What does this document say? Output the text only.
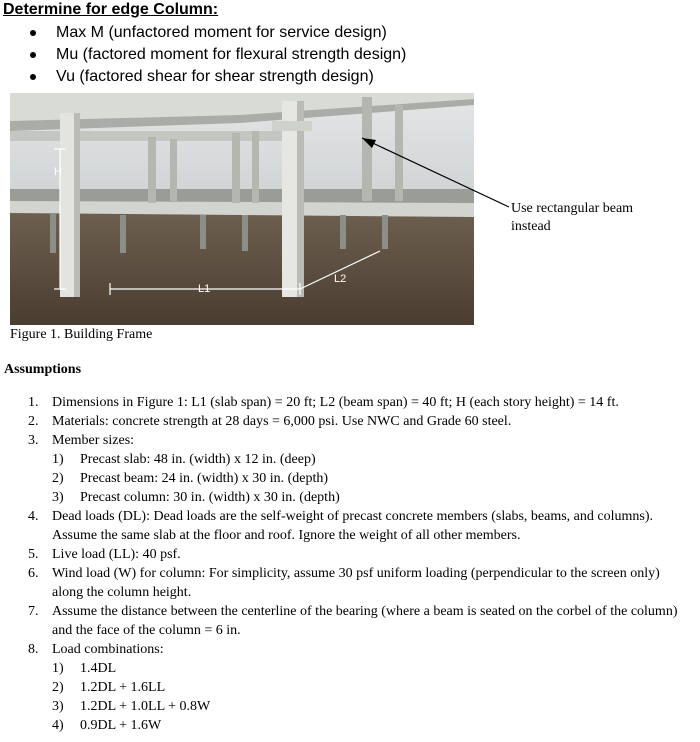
Determine for edge Column:
Max M (unfactored moment for service design)
Mu (factored moment for flexural strength design)
Vu (factored shear for shear strength design)
H
L1
L2
Use rectangular beam
instead
Figure 1. Building Frame
Assumptions
1. Dimensions in Figure 1: L1 (slab span) = 20 ft; L2 (beam span) = 40 ft; H (each story height) = 14 ft.
2. Materials: concrete strength at 28 days = 6,000 psi. Use NWC and Grade 60 steel.
3. Member sizes:
1) Precast slab: 48 in. (width) x 12 in. (deep)
2) Precast beam: 24 in. (width) x 30 in. (depth)
3) Precast column: 30 in. (width) x 30 in. (depth)
4. Dead loads (DL): Dead loads are the self-weight of precast concrete members (slabs, beams, and columns). Assume the same slab at the floor and roof. Ignore the weight of all other members.
5. Live load (LL): 40 psf.
6. Wind load (W) for column: For simplicity, assume 30 psf uniform loading (perpendicular to the screen only) along the column height.
7. Assume the distance between the centerline of the bearing (where a beam is seated on the corbel of the column) and the face of the column = 6 in.
8. Load combinations:
1) 1.4DL
2) 1.2DL + 1.6LL
3) 1.2DL + 1.0LL + 0.8W
4) 0.9DL + 1.6W
